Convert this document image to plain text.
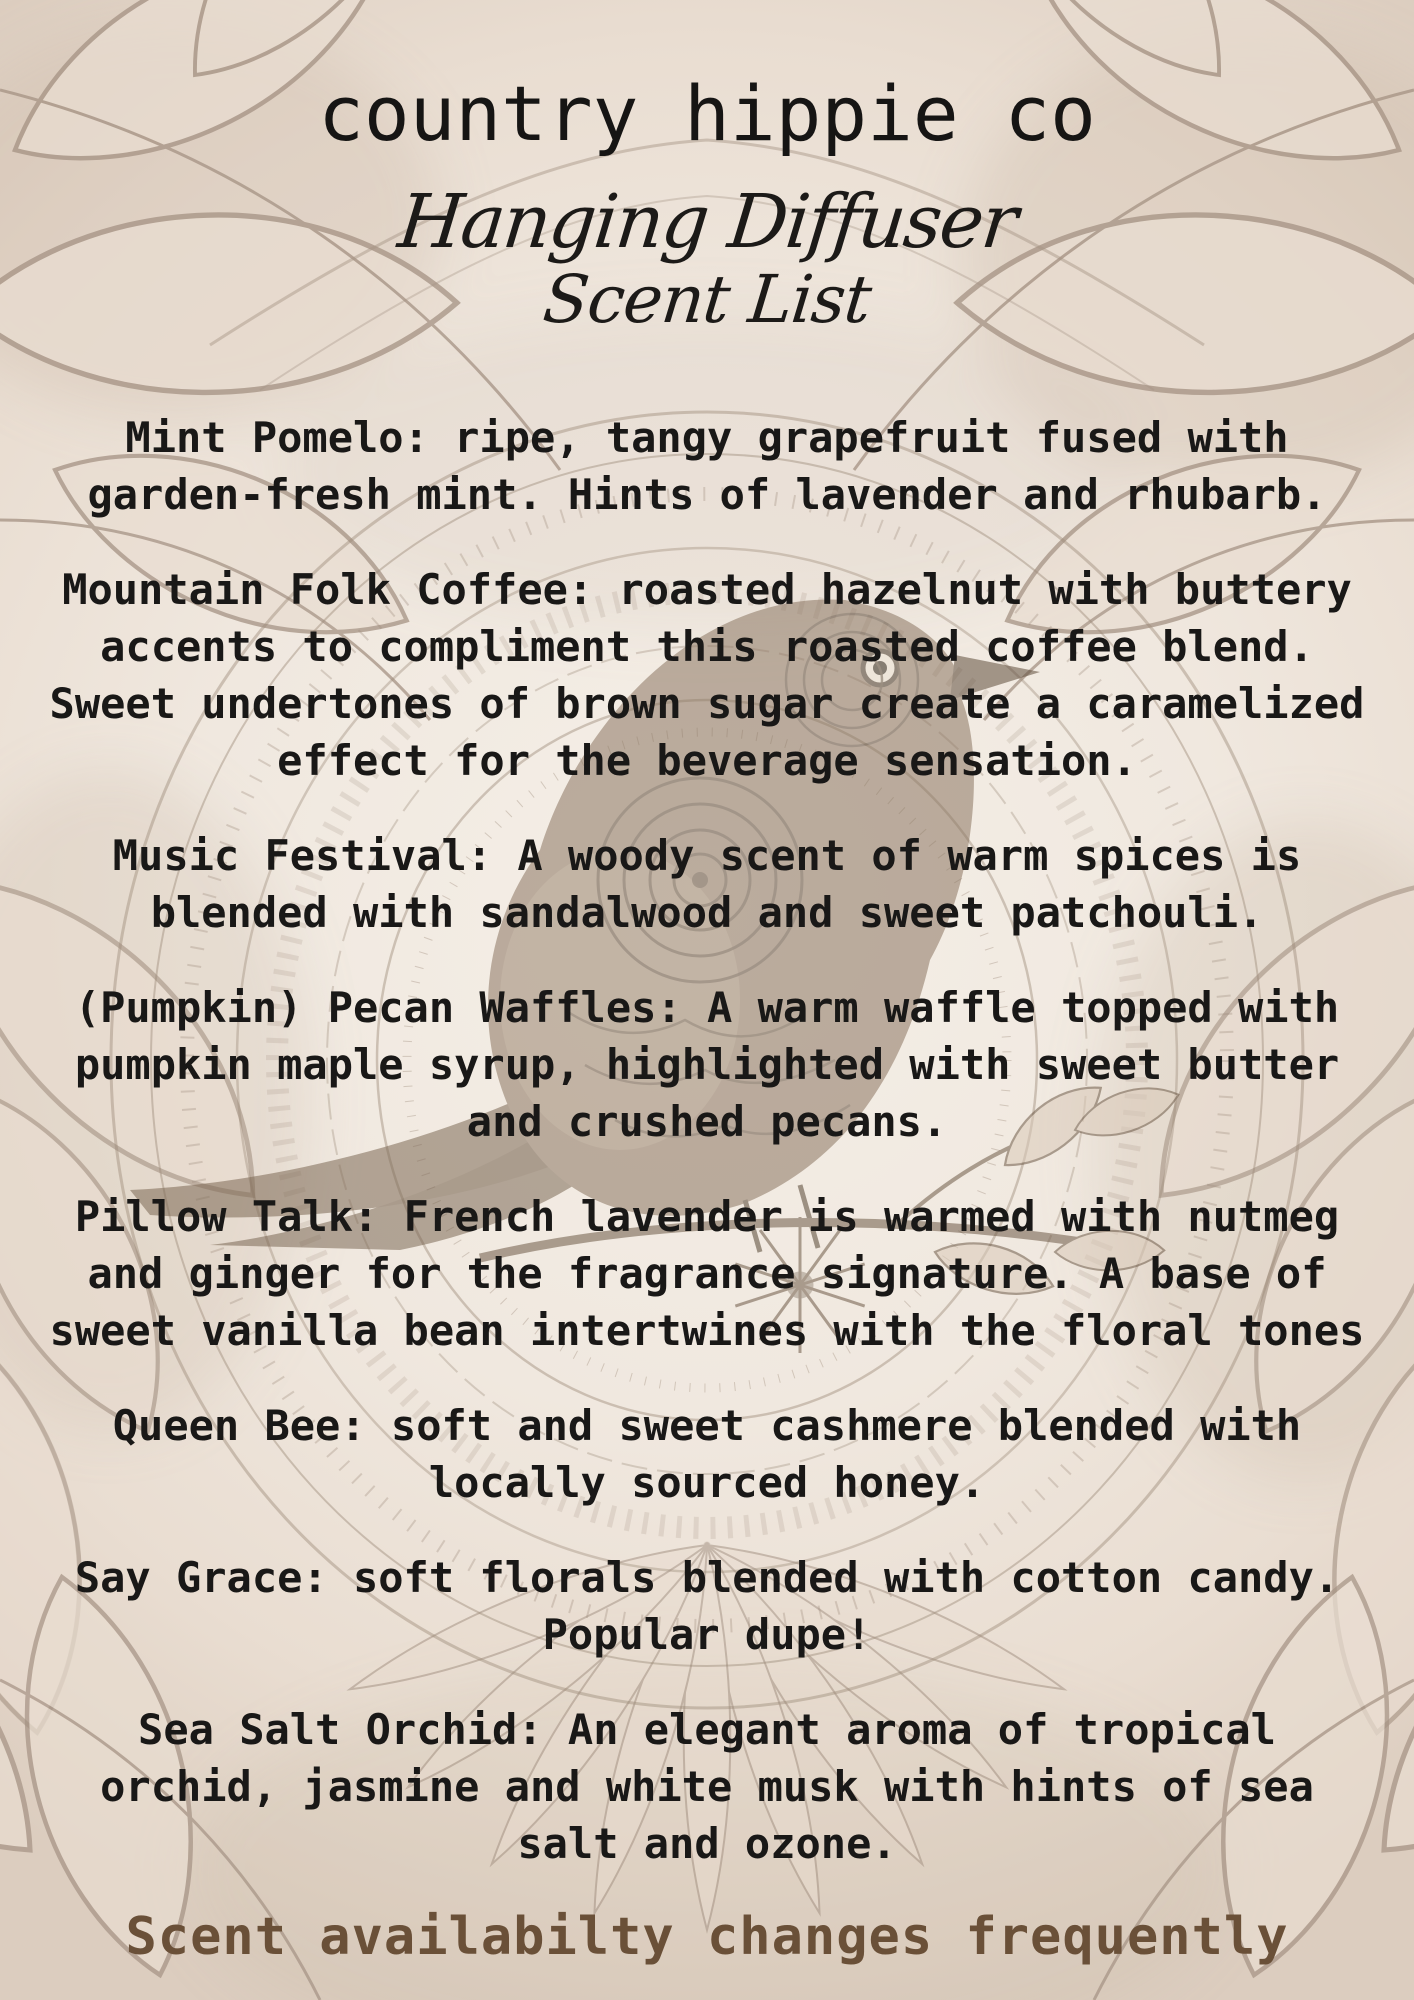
country hippie co
Hanging Diffuser
Scent List

Mint Pomelo: ripe, tangy grapefruit fused with garden-fresh mint. Hints of lavender and rhubarb.

Mountain Folk Coffee: roasted hazelnut with buttery accents to compliment this roasted coffee blend. Sweet undertones of brown sugar create a caramelized effect for the beverage sensation.

Music Festival: A woody scent of warm spices is blended with sandalwood and sweet patchouli.

(Pumpkin) Pecan Waffles: A warm waffle topped with pumpkin maple syrup, highlighted with sweet butter and crushed pecans.

Pillow Talk: French lavender is warmed with nutmeg and ginger for the fragrance signature. A base of sweet vanilla bean intertwines with the floral tones

Queen Bee: soft and sweet cashmere blended with locally sourced honey.

Say Grace: soft florals blended with cotton candy. Popular dupe!

Sea Salt Orchid: An elegant aroma of tropical orchid, jasmine and white musk with hints of sea salt and ozone.

Scent availabilty changes frequently
